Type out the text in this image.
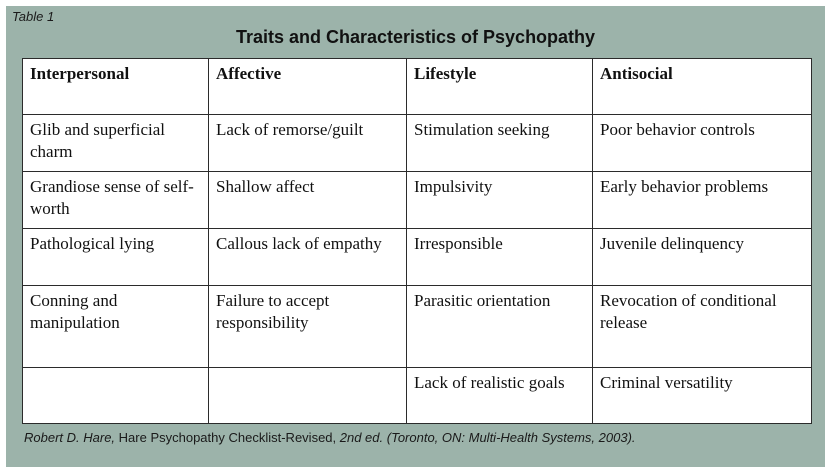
Table 1
Traits and Characteristics of Psychopathy
Interpersonal	Affective	Lifestyle	Antisocial
Glib and superficial charm	Lack of remorse/guilt	Stimulation seeking	Poor behavior controls
Grandiose sense of self-worth	Shallow affect	Impulsivity	Early behavior problems
Pathological lying	Callous lack of empathy	Irresponsible	Juvenile delinquency
Conning and manipulation	Failure to accept responsibility	Parasitic orientation	Revocation of conditional release
		Lack of realistic goals	Criminal versatility
Robert D. Hare, Hare Psychopathy Checklist-Revised, 2nd ed. (Toronto, ON: Multi-Health Systems, 2003).
